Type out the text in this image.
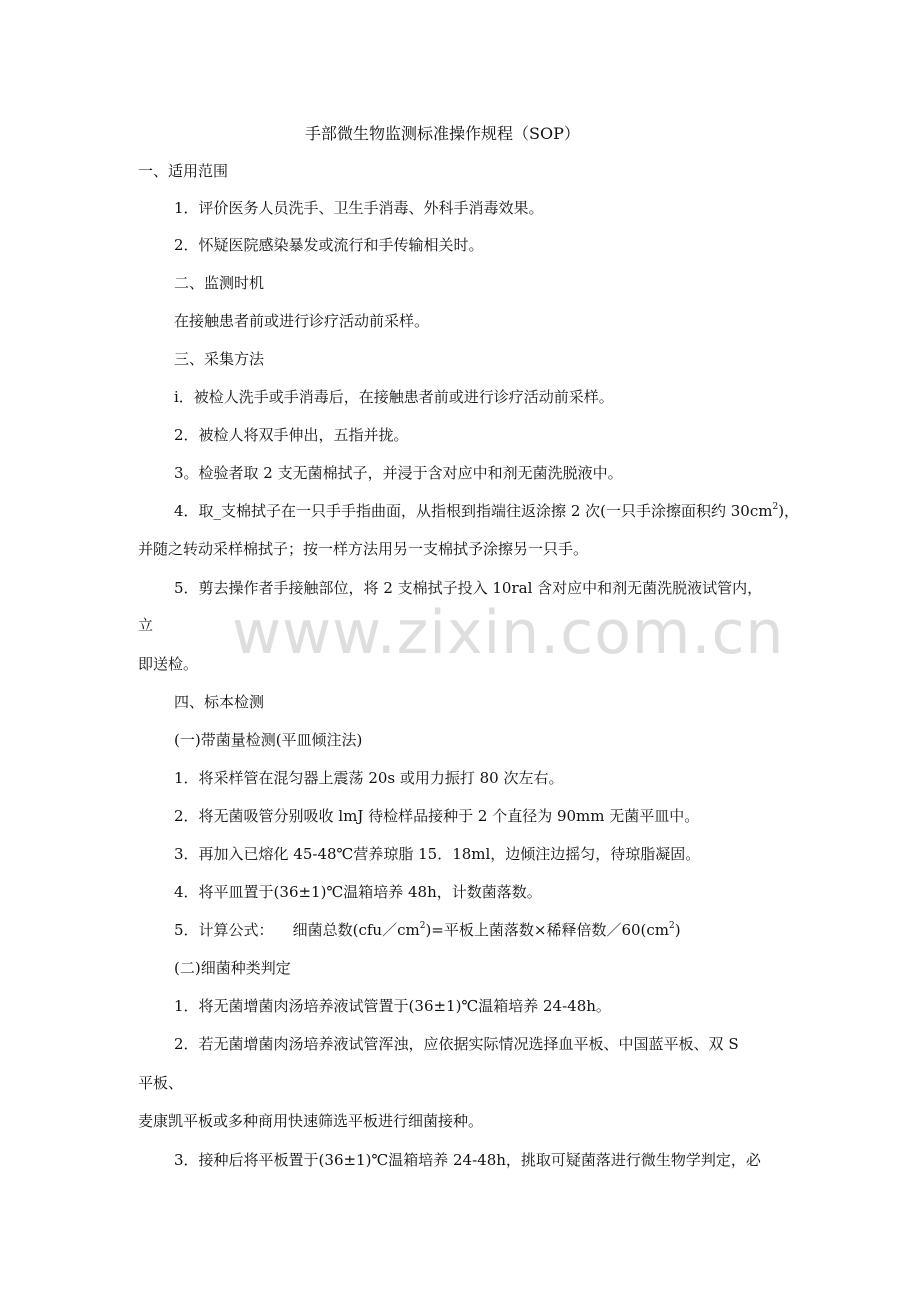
www.zixin.com.cn
手部微生物监测标准操作规程（SOP）
一、适用范围
1．评价医务人员洗手、卫生手消毒、外科手消毒效果。
2．怀疑医院感染暴发或流行和手传输相关时。
二、监测时机
在接触患者前或进行诊疗活动前采样。
三、采集方法
i．被检人洗手或手消毒后，在接触患者前或进行诊疗活动前采样。
2．被检人将双手伸出，五指并拢。
3。检验者取 2 支无菌棉拭子，并浸于含对应中和剂无菌洗脱液中。
4．取_支棉拭子在一只手手指曲面，从指根到指端往返涂擦 2 次(一只手涂擦面积约 $30cm^2$)，
并随之转动采样棉拭子；按一样方法用另一支棉拭予涂擦另一只手。
5．剪去操作者手接触部位，将 2 支棉拭子投入 10ral 含对应中和剂无菌洗脱液试管内，
立
即送检。
四、标本检测
(一)带菌量检测(平皿倾注法)
1．将采样管在混匀器上震荡 20s 或用力振打 80 次左右。
2．将无菌吸管分别吸收 lmJ 待检样品接种于 2 个直径为 90mm 无菌平皿中。
3．再加入已熔化 45-48℃营养琼脂 15．18ml，边倾注边摇匀，待琼脂凝固。
4．将平皿置于(36±1)℃温箱培养 48h，计数菌落数。
5．计算公式：    细菌总数$(cfu/cm^2)=$平板上菌落数×稀释倍数$/60(cm^2)$
(二)细菌种类判定
1．将无菌增菌肉汤培养液试管置于(36±1)℃温箱培养 24-48h。
2．若无菌增菌肉汤培养液试管浑浊，应依据实际情况选择血平板、中国蓝平板、双 S
平板、
麦康凯平板或多种商用快速筛选平板进行细菌接种。
3．接种后将平板置于(36±1)℃温箱培养 24-48h，挑取可疑菌落进行微生物学判定，必
